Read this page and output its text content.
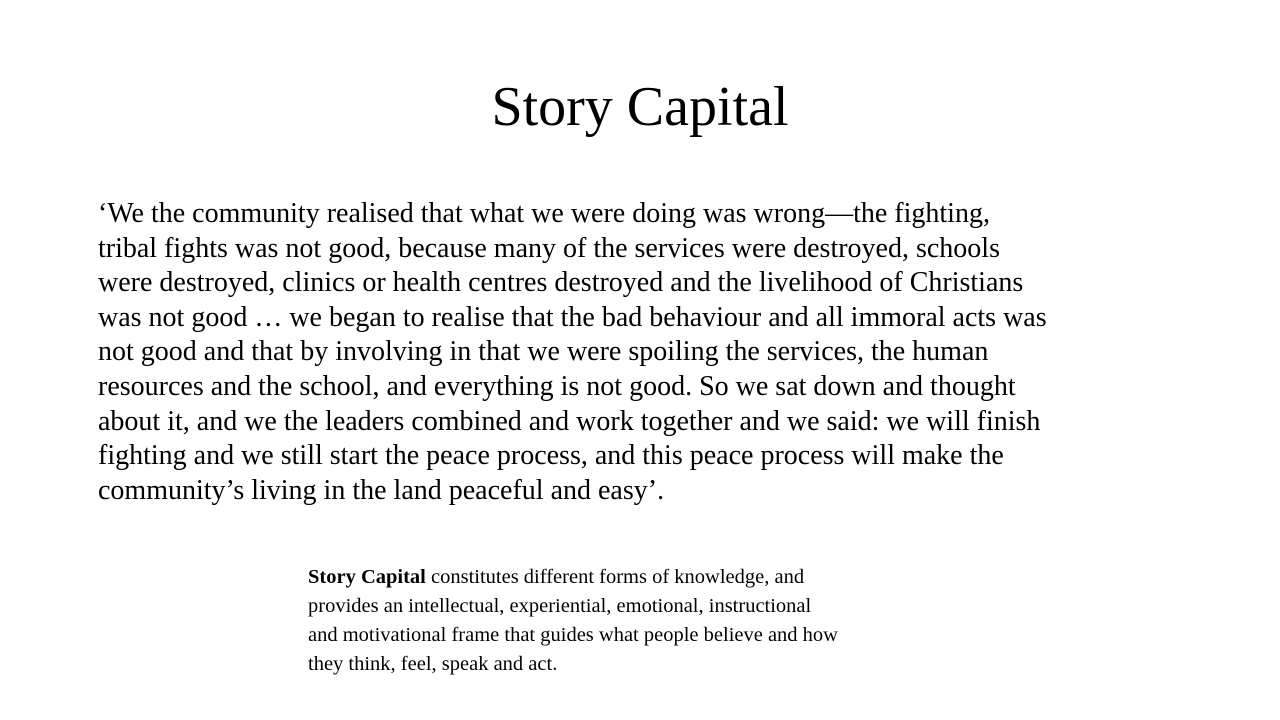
Story Capital
‘We the community realised that what we were doing was wrong—the fighting,
tribal fights was not good, because many of the services were destroyed, schools
were destroyed, clinics or health centres destroyed and the livelihood of Christians
was not good … we began to realise that the bad behaviour and all immoral acts was
not good and that by involving in that we were spoiling the services, the human
resources and the school, and everything is not good. So we sat down and thought
about it, and we the leaders combined and work together and we said: we will finish
fighting and we still start the peace process, and this peace process will make the
community’s living in the land peaceful and easy’.
Story Capital constitutes different forms of knowledge, and
provides an intellectual, experiential, emotional, instructional
and motivational frame that guides what people believe and how
they think, feel, speak and act.
